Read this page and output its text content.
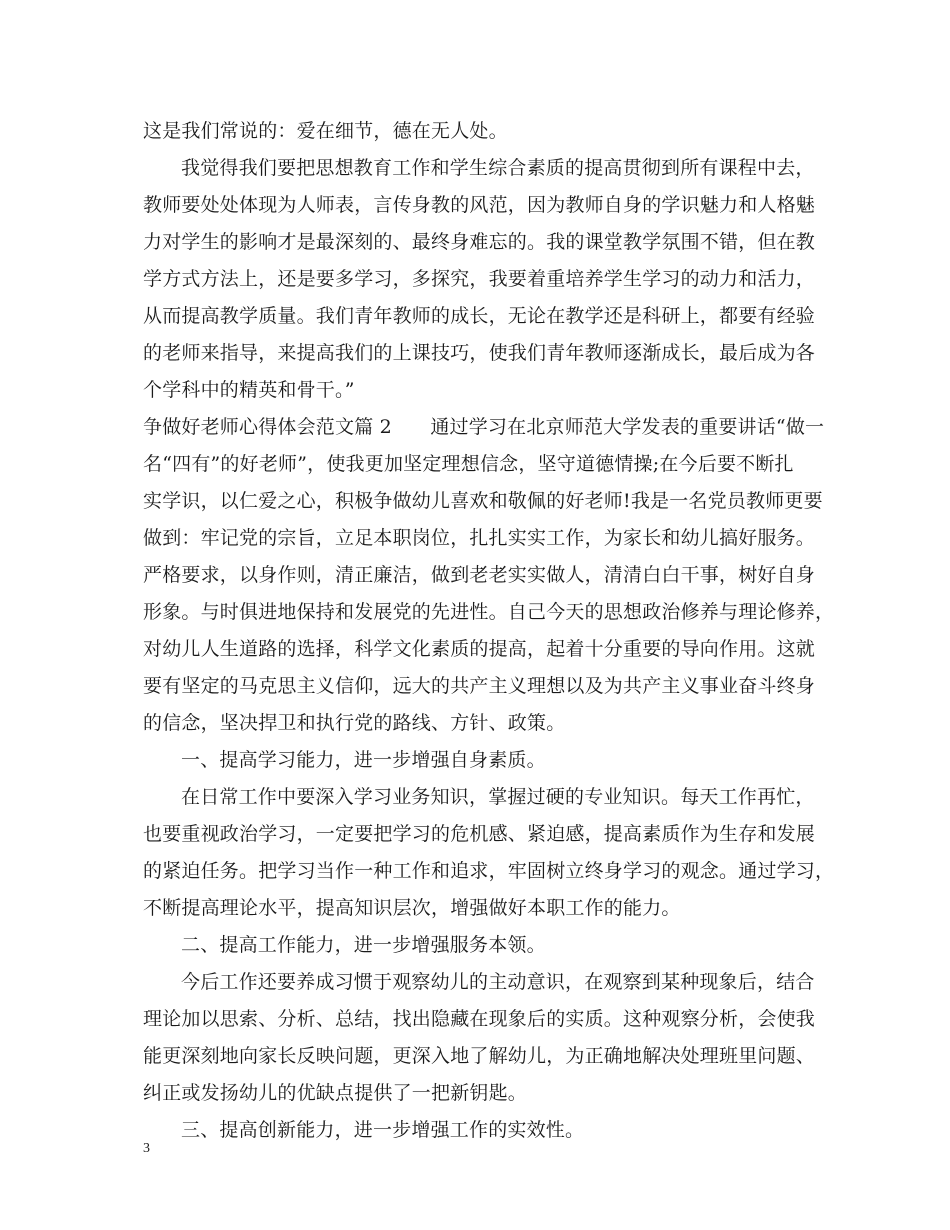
这是我们常说的：爱在细节，德在无人处。
我觉得我们要把思想教育工作和学生综合素质的提高贯彻到所有课程中去，
教师要处处体现为人师表，言传身教的风范，因为教师自身的学识魅力和人格魅
力对学生的影响才是最深刻的、最终身难忘的。我的课堂教学氛围不错，但在教
学方式方法上，还是要多学习，多探究，我要着重培养学生学习的动力和活力，
从而提高教学质量。我们青年教师的成长，无论在教学还是科研上，都要有经验
的老师来指导，来提高我们的上课技巧，使我们青年教师逐渐成长，最后成为各
个学科中的精英和骨干。”
争做好老师心得体会范文篇 2　　通过学习在北京师范大学发表的重要讲话“做一
名“四有”的好老师”，使我更加坚定理想信念，坚守道德情操;在今后要不断扎
实学识，以仁爱之心，积极争做幼儿喜欢和敬佩的好老师!我是一名党员教师更要
做到：牢记党的宗旨，立足本职岗位，扎扎实实工作，为家长和幼儿搞好服务。
严格要求，以身作则，清正廉洁，做到老老实实做人，清清白白干事，树好自身
形象。与时俱进地保持和发展党的先进性。自己今天的思想政治修养与理论修养，
对幼儿人生道路的选择，科学文化素质的提高，起着十分重要的导向作用。这就
要有坚定的马克思主义信仰，远大的共产主义理想以及为共产主义事业奋斗终身
的信念，坚决捍卫和执行党的路线、方针、政策。
一、提高学习能力，进一步增强自身素质。
在日常工作中要深入学习业务知识，掌握过硬的专业知识。每天工作再忙，
也要重视政治学习，一定要把学习的危机感、紧迫感，提高素质作为生存和发展
的紧迫任务。把学习当作一种工作和追求，牢固树立终身学习的观念。通过学习，
不断提高理论水平，提高知识层次，增强做好本职工作的能力。
二、提高工作能力，进一步增强服务本领。
今后工作还要养成习惯于观察幼儿的主动意识，在观察到某种现象后，结合
理论加以思索、分析、总结，找出隐藏在现象后的实质。这种观察分析，会使我
能更深刻地向家长反映问题，更深入地了解幼儿，为正确地解决处理班里问题、
纠正或发扬幼儿的优缺点提供了一把新钥匙。
三、提高创新能力，进一步增强工作的实效性。
3
